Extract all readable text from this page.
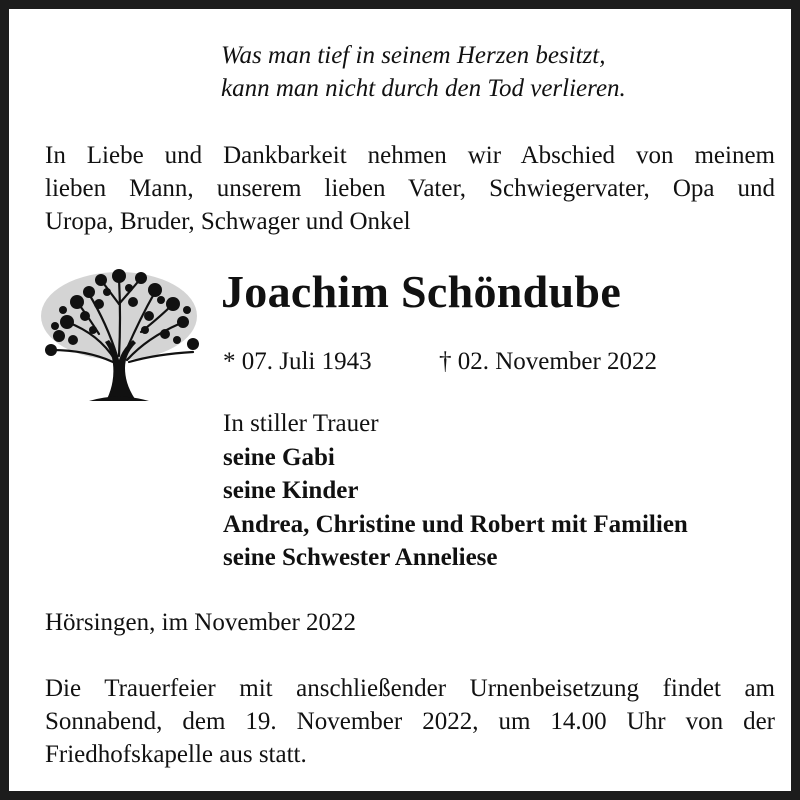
Was man tief in seinem Herzen besitzt,
kann man nicht durch den Tod verlieren.
In Liebe und Dankbarkeit nehmen wir Abschied von meinem
lieben Mann, unserem lieben Vater, Schwiegervater, Opa und
Uropa, Bruder, Schwager und Onkel
Joachim Schöndube
* 07. Juli 1943	† 02. November 2022
In stiller Trauer
seine Gabi
seine Kinder
Andrea, Christine und Robert mit Familien
seine Schwester Anneliese
Hörsingen, im November 2022
Die Trauerfeier mit anschließender Urnenbeisetzung findet am
Sonnabend, dem 19. November 2022, um 14.00 Uhr von der
Friedhofskapelle aus statt.
